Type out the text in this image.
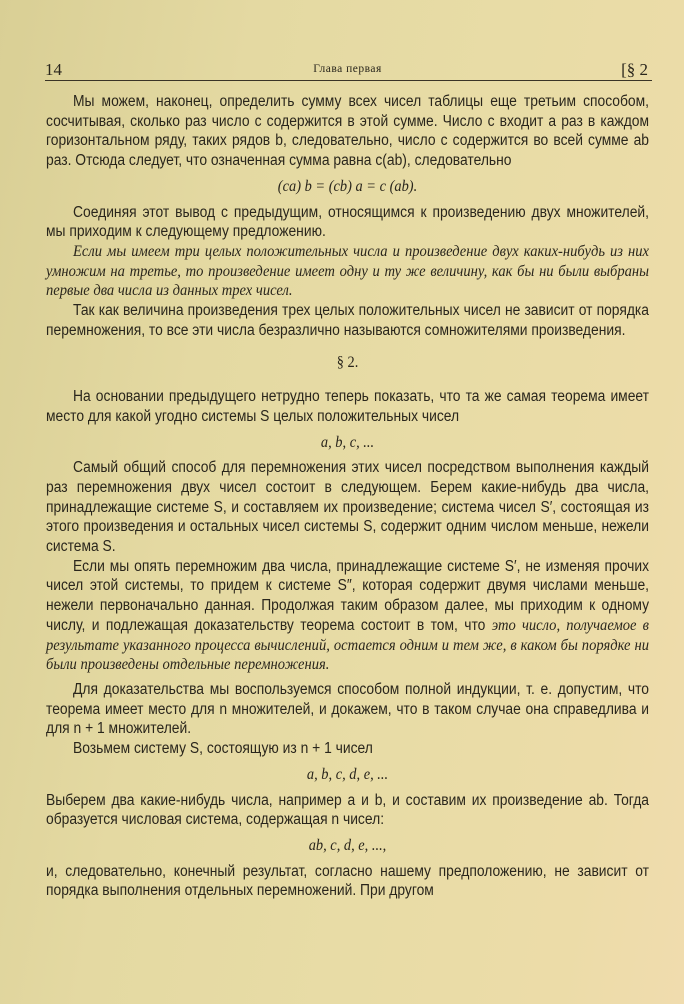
14	Глава первая	[§ 2

Мы можем, наконец, определить сумму всех чисел таблицы еще третьим способом, сосчитывая, сколько раз число c содержится в этой сумме. Число c входит a раз в каждом горизонтальном ряду, таких рядов b, следовательно, число c содержится во всей сумме ab раз. Отсюда следует, что означенная сумма равна c(ab), следовательно

(ca) b = (cb) a = c (ab).

Соединяя этот вывод с предыдущим, относящимся к произведению двух множителей, мы приходим к следующему предложению.

Если мы имеем три целых положительных числа и произведение двух каких-нибудь из них умножим на третье, то произведение имеет одну и ту же величину, как бы ни были выбраны первые два числа из данных трех чисел.

Так как величина произведения трех целых положительных чисел не зависит от порядка перемножения, то все эти числа безразлично называются сомножителями произведения.

§ 2.

На основании предыдущего нетрудно теперь показать, что та же самая теорема имеет место для какой угодно системы S целых положительных чисел

a, b, c, ...

Самый общий способ для перемножения этих чисел посредством выполнения каждый раз перемножения двух чисел состоит в следующем. Берем какие-нибудь два числа, принадлежащие системе S, и составляем их произведение; система чисел S′, состоящая из этого произведения и остальных чисел системы S, содержит одним числом меньше, нежели система S.

Если мы опять перемножим два числа, принадлежащие системе S′, не изменяя прочих чисел этой системы, то придем к системе S″, которая содержит двумя числами меньше, нежели первоначально данная. Продолжая таким образом далее, мы приходим к одному числу, и подлежащая доказательству теорема состоит в том, что это число, получаемое в результате указанного процесса вычислений, остается одним и тем же, в каком бы порядке ни были произведены отдельные перемножения.

Для доказательства мы воспользуемся способом полной индукции, т. е. допустим, что теорема имеет место для n множителей, и докажем, что в таком случае она справедлива и для n + 1 множителей.

Возьмем систему S, состоящую из n + 1 чисел

a, b, c, d, e, ...

Выберем два какие-нибудь числа, например a и b, и составим их произведение ab. Тогда образуется числовая система, содержащая n чисел:

ab, c, d, e, ...,

и, следовательно, конечный результат, согласно нашему предположению, не зависит от порядка выполнения отдельных перемножений. При другом
